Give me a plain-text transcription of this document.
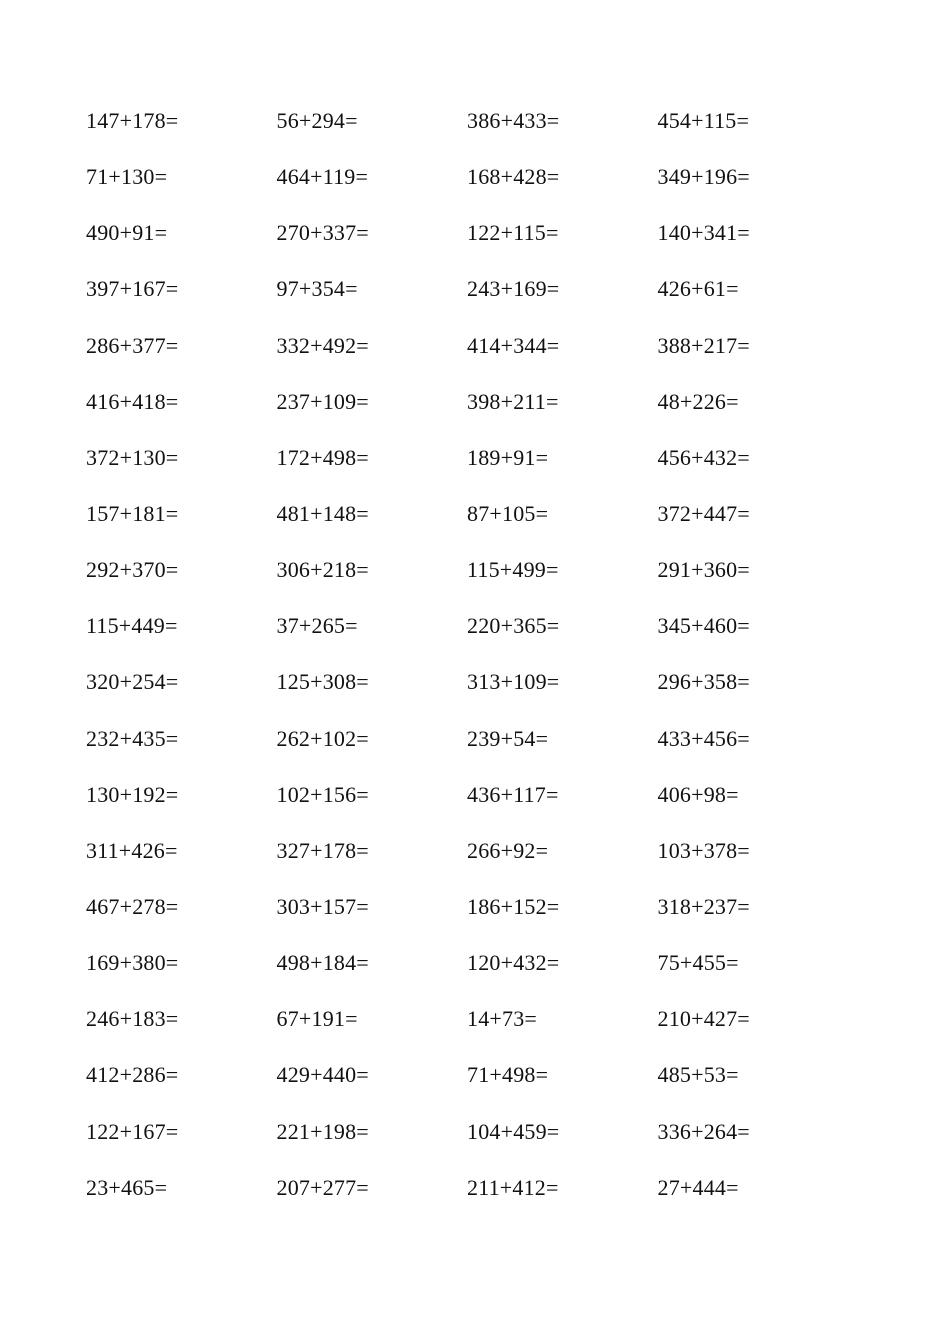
147+178=	56+294=	386+433=	454+115=
71+130=	464+119=	168+428=	349+196=
490+91=	270+337=	122+115=	140+341=
397+167=	97+354=	243+169=	426+61=
286+377=	332+492=	414+344=	388+217=
416+418=	237+109=	398+211=	48+226=
372+130=	172+498=	189+91=	456+432=
157+181=	481+148=	87+105=	372+447=
292+370=	306+218=	115+499=	291+360=
115+449=	37+265=	220+365=	345+460=
320+254=	125+308=	313+109=	296+358=
232+435=	262+102=	239+54=	433+456=
130+192=	102+156=	436+117=	406+98=
311+426=	327+178=	266+92=	103+378=
467+278=	303+157=	186+152=	318+237=
169+380=	498+184=	120+432=	75+455=
246+183=	67+191=	14+73=	210+427=
412+286=	429+440=	71+498=	485+53=
122+167=	221+198=	104+459=	336+264=
23+465=	207+277=	211+412=	27+444=
